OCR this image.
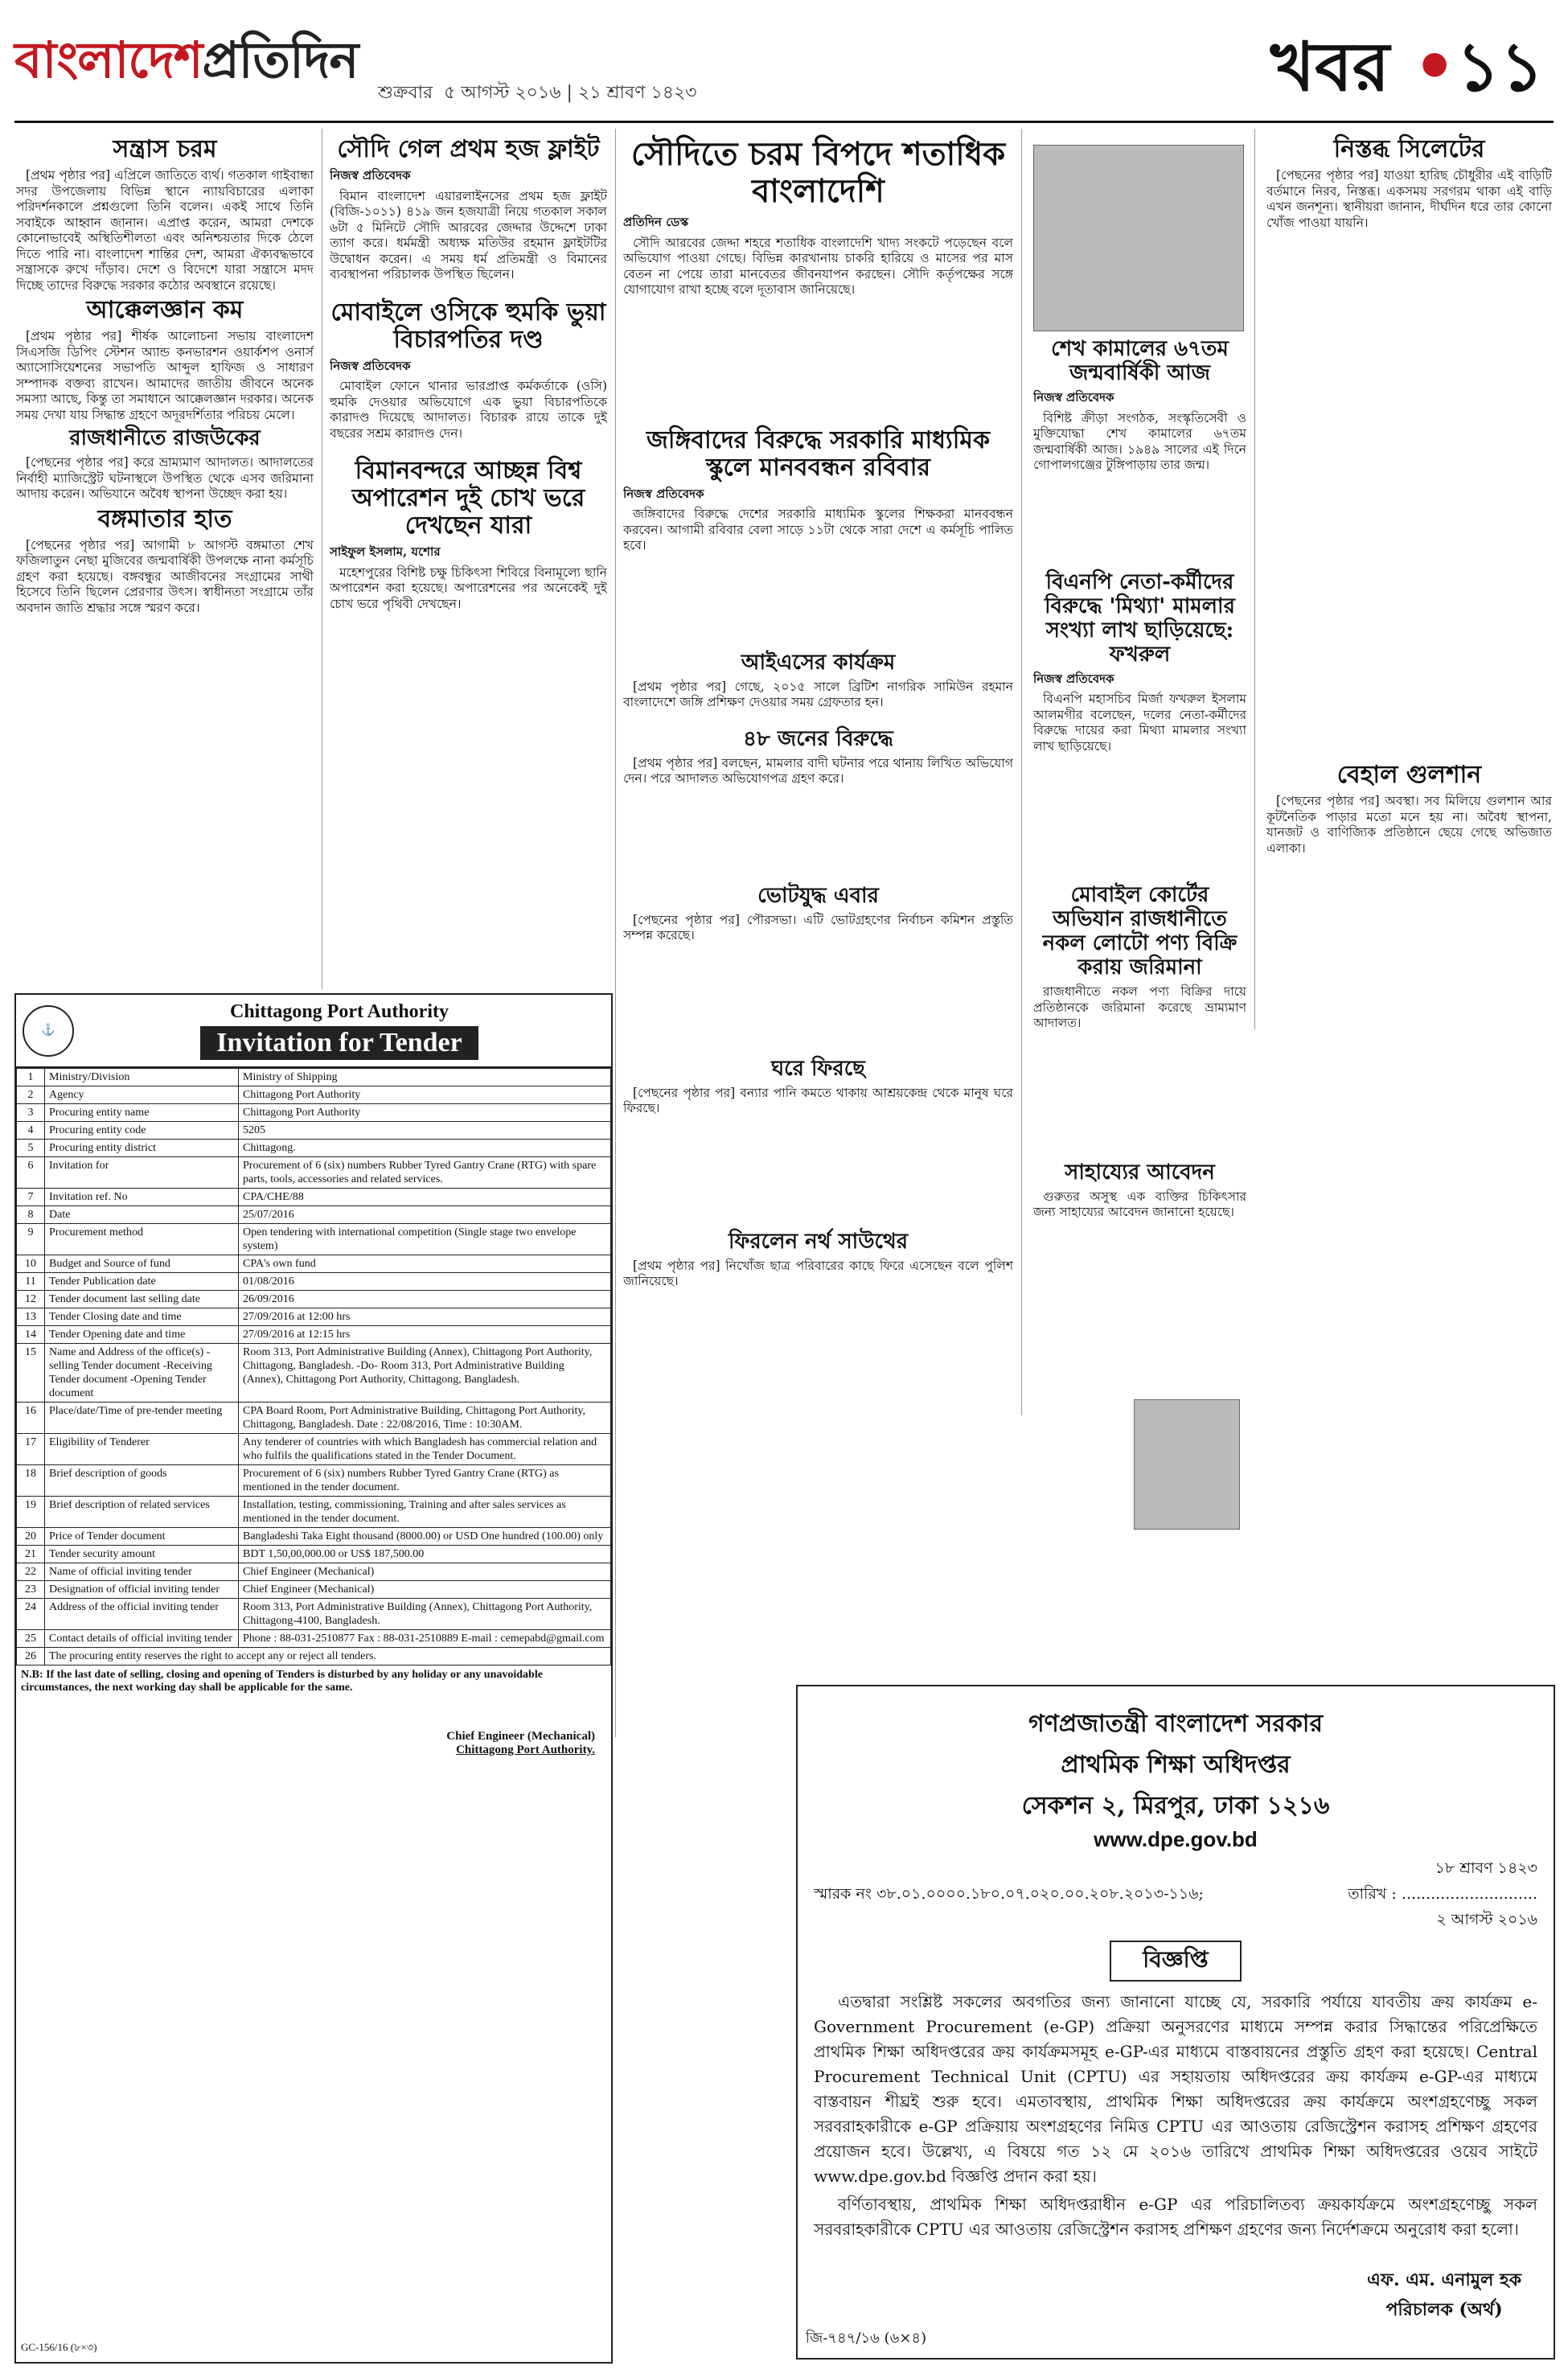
বাংলাদেশপ্রতিদিন
শুক্রবার ৫ আগস্ট ২০১৬ | ২১ শ্রাবণ ১৪২৩	খবর •১১
সন্ত্রাস চরম

[প্রথম পৃষ্ঠার পর] এপ্রিলে জাতিতে ব্যর্থ। গতকাল গাইবান্ধা সদর উপজেলায় বিভিন্ন স্থানে ন্যায়বিচারের এলাকা পরিদর্শনকালে প্রশ্নগুলো তিনি বলেন। একই সাথে তিনি সবাইকে আহ্বান জানান। এপ্রাপ্ত করেন, আমরা দেশকে কোনোভাবেই অস্থিতিশীলতা এবং অনিশ্চয়তার দিকে ঠেলে দিতে পারি না। বাংলাদেশ শান্তির দেশ, আমরা ঐক্যবদ্ধভাবে সন্ত্রাসকে রুখে দাঁড়াব। দেশে ও বিদেশে যারা সন্ত্রাসে মদদ দিচ্ছে তাদের বিরুদ্ধে সরকার কঠোর অবস্থানে রয়েছে।

আক্কেলজ্ঞান কম

[প্রথম পৃষ্ঠার পর] শীর্ষক আলোচনা সভায় বাংলাদেশ সিএসজি ডিপিং স্টেশন অ্যান্ড কনভারশন ওয়ার্কশপ ওনার্স অ্যাসোসিয়েশনের সভাপতি আব্দুল হাফিজ ও সাধারণ সম্পাদক বক্তব্য রাখেন। আমাদের জাতীয় জীবনে অনেক সমস্যা আছে, কিন্তু তা সমাধানে আক্কেলজ্ঞান দরকার। অনেক সময় দেখা যায় সিদ্ধান্ত গ্রহণে অদূরদর্শিতার পরিচয় মেলে।

রাজধানীতে রাজউকের

[পেছনের পৃষ্ঠার পর] করে ভ্রাম্যমাণ আদালত। আদালতের নির্বাহী ম্যাজিস্ট্রেট ঘটনাস্থলে উপস্থিত থেকে এসব জরিমানা আদায় করেন। অভিযানে অবৈধ স্থাপনা উচ্ছেদ করা হয়।

বঙ্গমাতার হাত

[পেছনের পৃষ্ঠার পর] আগামী ৮ আগস্ট বঙ্গমাতা শেখ ফজিলাতুন নেছা মুজিবের জন্মবার্ষিকী উপলক্ষে নানা কর্মসূচি গ্রহণ করা হয়েছে। বঙ্গবন্ধুর আজীবনের সংগ্রামের সাথী হিসেবে তিনি ছিলেন প্রেরণার উৎস। স্বাধীনতা সংগ্রামে তাঁর অবদান জাতি শ্রদ্ধার সঙ্গে স্মরণ করে।

সৌদি গেল প্রথম হজ ফ্লাইট
নিজস্ব প্রতিবেদক

বিমান বাংলাদেশ এয়ারলাইনসের প্রথম হজ ফ্লাইট (বিজি-১০১১) ৪১৯ জন হজযাত্রী নিয়ে গতকাল সকাল ৬টা ৫ মিনিটে সৌদি আরবের জেদ্দার উদ্দেশে ঢাকা ত্যাগ করে। ধর্মমন্ত্রী অধ্যক্ষ মতিউর রহমান ফ্লাইটটির উদ্বোধন করেন। এ সময় ধর্ম প্রতিমন্ত্রী ও বিমানের ব্যবস্থাপনা পরিচালক উপস্থিত ছিলেন।

মোবাইলে ওসিকে হুমকি ভুয়া বিচারপতির দণ্ড
নিজস্ব প্রতিবেদক

মোবাইল ফোনে থানার ভারপ্রাপ্ত কর্মকর্তাকে (ওসি) হুমকি দেওয়ার অভিযোগে এক ভুয়া বিচারপতিকে কারাদণ্ড দিয়েছে আদালত। বিচারক রায়ে তাকে দুই বছরের সশ্রম কারাদণ্ড দেন।

বিমানবন্দরে আচ্ছন্ন বিশ্ব অপারেশন দুই চোখ ভরে দেখছেন যারা
সাইফুল ইসলাম, যশোর

মহেশপুরের বিশিষ্ট চক্ষু চিকিৎসা শিবিরে বিনামূল্যে ছানি অপারেশন করা হয়েছে। অপারেশনের পর অনেকেই দুই চোখ ভরে পৃথিবী দেখছেন।

সৌদিতে চরম বিপদে শতাধিক বাংলাদেশি
প্রতিদিন ডেস্ক

সৌদি আরবের জেদ্দা শহরে শতাধিক বাংলাদেশি খাদ্য সংকটে পড়েছেন বলে অভিযোগ পাওয়া গেছে। বিভিন্ন কারখানায় চাকরি হারিয়ে ও মাসের পর মাস বেতন না পেয়ে তারা মানবেতর জীবনযাপন করছেন। সৌদি কর্তৃপক্ষের সঙ্গে যোগাযোগ রাখা হচ্ছে বলে দূতাবাস জানিয়েছে।

জঙ্গিবাদের বিরুদ্ধে সরকারি মাধ্যমিক স্কুলে মানববন্ধন রবিবার
নিজস্ব প্রতিবেদক

জঙ্গিবাদের বিরুদ্ধে দেশের সরকারি মাধ্যমিক স্কুলের শিক্ষকরা মানববন্ধন করবেন। আগামী রবিবার বেলা সাড়ে ১১টা থেকে সারা দেশে এ কর্মসূচি পালিত হবে।

আইএসের কার্যক্রম

[প্রথম পৃষ্ঠার পর] গেছে, ২০১৫ সালে ব্রিটিশ নাগরিক সামিউন রহমান বাংলাদেশে জঙ্গি প্রশিক্ষণ দেওয়ার সময় গ্রেফতার হন।

৪৮ জনের বিরুদ্ধে

[প্রথম পৃষ্ঠার পর] বলছেন, মামলার বাদী ঘটনার পরে থানায় লিখিত অভিযোগ দেন। পরে আদালত অভিযোগপত্র গ্রহণ করে।

ভোটযুদ্ধ এবার

[পেছনের পৃষ্ঠার পর] পৌরসভা। এটি ভোটগ্রহণের নির্বাচন কমিশন প্রস্তুতি সম্পন্ন করেছে।

ঘরে ফিরছে

[পেছনের পৃষ্ঠার পর] বন্যার পানি কমতে থাকায় আশ্রয়কেন্দ্র থেকে মানুষ ঘরে ফিরছে।

ফিরলেন নর্থ সাউথের

[প্রথম পৃষ্ঠার পর] নিখোঁজ ছাত্র পরিবারের কাছে ফিরে এসেছেন বলে পুলিশ জানিয়েছে।

শেখ কামালের ৬৭তম জন্মবার্ষিকী আজ
নিজস্ব প্রতিবেদক

বিশিষ্ট ক্রীড়া সংগঠক, সংস্কৃতিসেবী ও মুক্তিযোদ্ধা শেখ কামালের ৬৭তম জন্মবার্ষিকী আজ। ১৯৪৯ সালের এই দিনে গোপালগঞ্জের টুঙ্গিপাড়ায় তার জন্ম।

বিএনপি নেতা-কর্মীদের বিরুদ্ধে 'মিথ্যা' মামলার সংখ্যা লাখ ছাড়িয়েছে: ফখরুল
নিজস্ব প্রতিবেদক

বিএনপি মহাসচিব মির্জা ফখরুল ইসলাম আলমগীর বলেছেন, দলের নেতা-কর্মীদের বিরুদ্ধে দায়ের করা মিথ্যা মামলার সংখ্যা লাখ ছাড়িয়েছে।

মোবাইল কোর্টের অভিযান রাজধানীতে নকল লোটো পণ্য বিক্রি করায় জরিমানা

রাজধানীতে নকল পণ্য বিক্রির দায়ে প্রতিষ্ঠানকে জরিমানা করেছে ভ্রাম্যমাণ আদালত।

সাহায্যের আবেদন

গুরুতর অসুস্থ এক ব্যক্তির চিকিৎসার জন্য সাহায্যের আবেদন জানানো হয়েছে।

নিস্তব্ধ সিলেটের

[পেছনের পৃষ্ঠার পর] যাওয়া হারিছ চৌধুরীর এই বাড়িটি বর্তমানে নিরব, নিস্তব্ধ। একসময় সরগরম থাকা এই বাড়ি এখন জনশূন্য। স্থানীয়রা জানান, দীর্ঘদিন ধরে তার কোনো খোঁজ পাওয়া যায়নি।

বেহাল গুলশান

[পেছনের পৃষ্ঠার পর] অবস্থা। সব মিলিয়ে গুলশান আর কূটনৈতিক পাড়ার মতো মনে হয় না। অবৈধ স্থাপনা, যানজট ও বাণিজ্যিক প্রতিষ্ঠানে ছেয়ে গেছে অভিজাত এলাকা।

⚓
Chittagong Port Authority
Invitation for Tender
1	Ministry/Division	Ministry of Shipping
2	Agency	Chittagong Port Authority
3	Procuring entity name	Chittagong Port Authority
4	Procuring entity code	5205
5	Procuring entity district	Chittagong.
6	Invitation for	Procurement of 6 (six) numbers Rubber Tyred Gantry Crane (RTG) with spare parts, tools, accessories and related services.
7	Invitation ref. No	CPA/CHE/88
8	Date	25/07/2016
9	Procurement method	Open tendering with international competition (Single stage two envelope system)
10	Budget and Source of fund	CPA's own fund
11	Tender Publication date	01/08/2016
12	Tender document last selling date	26/09/2016
13	Tender Closing date and time	27/09/2016 at 12:00 hrs
14	Tender Opening date and time	27/09/2016 at 12:15 hrs
15	Name and Address of the office(s) -selling Tender document -Receiving Tender document -Opening Tender document	Room 313, Port Administrative Building (Annex), Chittagong Port Authority, Chittagong, Bangladesh. -Do- Room 313, Port Administrative Building (Annex), Chittagong Port Authority, Chittagong, Bangladesh.
16	Place/date/Time of pre-tender meeting	CPA Board Room, Port Administrative Building, Chittagong Port Authority, Chittagong, Bangladesh. Date : 22/08/2016, Time : 10:30AM.
17	Eligibility of Tenderer	Any tenderer of countries with which Bangladesh has commercial relation and who fulfils the qualifications stated in the Tender Document.
18	Brief description of goods	Procurement of 6 (six) numbers Rubber Tyred Gantry Crane (RTG) as mentioned in the tender document.
19	Brief description of related services	Installation, testing, commissioning, Training and after sales services as mentioned in the tender document.
20	Price of Tender document	Bangladeshi Taka Eight thousand (8000.00) or USD One hundred (100.00) only
21	Tender security amount	BDT 1,50,00,000.00 or US$ 187,500.00
22	Name of official inviting tender	Chief Engineer (Mechanical)
23	Designation of official inviting tender	Chief Engineer (Mechanical)
24	Address of the official inviting tender	Room 313, Port Administrative Building (Annex), Chittagong Port Authority, Chittagong-4100, Bangladesh.
25	Contact details of official inviting tender	Phone : 88-031-2510877 Fax : 88-031-2510889 E-mail : cemepabd@gmail.com
26	The procuring entity reserves the right to accept any or reject all tenders.	
N.B: If the last date of selling, closing and opening of Tenders is disturbed by any holiday or any unavoidable circumstances, the next working day shall be applicable for the same.
Chief Engineer (Mechanical)
Chittagong Port Authority.
GC-156/16 (৮×৩)
গণপ্রজাতন্ত্রী বাংলাদেশ সরকার
প্রাথমিক শিক্ষা অধিদপ্তর
সেকশন ২, মিরপুর, ঢাকা ১২১৬
www.dpe.gov.bd
১৮ শ্রাবণ ১৪২৩
স্মারক নং ৩৮.০১.০০০০.১৮০.০৭.০২০.০০.২০৮.২০১৩-১১৬;	তারিখ : ............................
২ আগস্ট ২০১৬
বিজ্ঞপ্তি
এতদ্বারা সংশ্লিষ্ট সকলের অবগতির জন্য জানানো যাচ্ছে যে, সরকারি পর্যায়ে যাবতীয় ক্রয় কার্যক্রম e-Government Procurement (e-GP) প্রক্রিয়া অনুসরণের মাধ্যমে সম্পন্ন করার সিদ্ধান্তের পরিপ্রেক্ষিতে প্রাথমিক শিক্ষা অধিদপ্তরের ক্রয় কার্যক্রমসমূহ e-GP-এর মাধ্যমে বাস্তবায়নের প্রস্তুতি গ্রহণ করা হয়েছে। Central Procurement Technical Unit (CPTU) এর সহায়তায় অধিদপ্তরের ক্রয় কার্যক্রম e-GP-এর মাধ্যমে বাস্তবায়ন শীঘ্রই শুরু হবে। এমতাবস্থায়, প্রাথমিক শিক্ষা অধিদপ্তরের ক্রয় কার্যক্রমে অংশগ্রহণেচ্ছু সকল সরবরাহকারীকে e-GP প্রক্রিয়ায় অংশগ্রহণের নিমিত্ত CPTU এর আওতায় রেজিস্ট্রেশন করাসহ প্রশিক্ষণ গ্রহণের প্রয়োজন হবে। উল্লেখ্য, এ বিষয়ে গত ১২ মে ২০১৬ তারিখে প্রাথমিক শিক্ষা অধিদপ্তরের ওয়েব সাইটে www.dpe.gov.bd বিজ্ঞপ্তি প্রদান করা হয়।
বর্ণিতাবস্থায়, প্রাথমিক শিক্ষা অধিদপ্তরাধীন e-GP এর পরিচালিতব্য ক্রয়কার্যক্রমে অংশগ্রহণেচ্ছু সকল সরবরাহকারীকে CPTU এর আওতায় রেজিস্ট্রেশন করাসহ প্রশিক্ষণ গ্রহণের জন্য নির্দেশক্রমে অনুরোধ করা হলো।
এফ. এম. এনামুল হক
পরিচালক (অর্থ)
জি-৭৪৭/১৬ (৬×৪)
